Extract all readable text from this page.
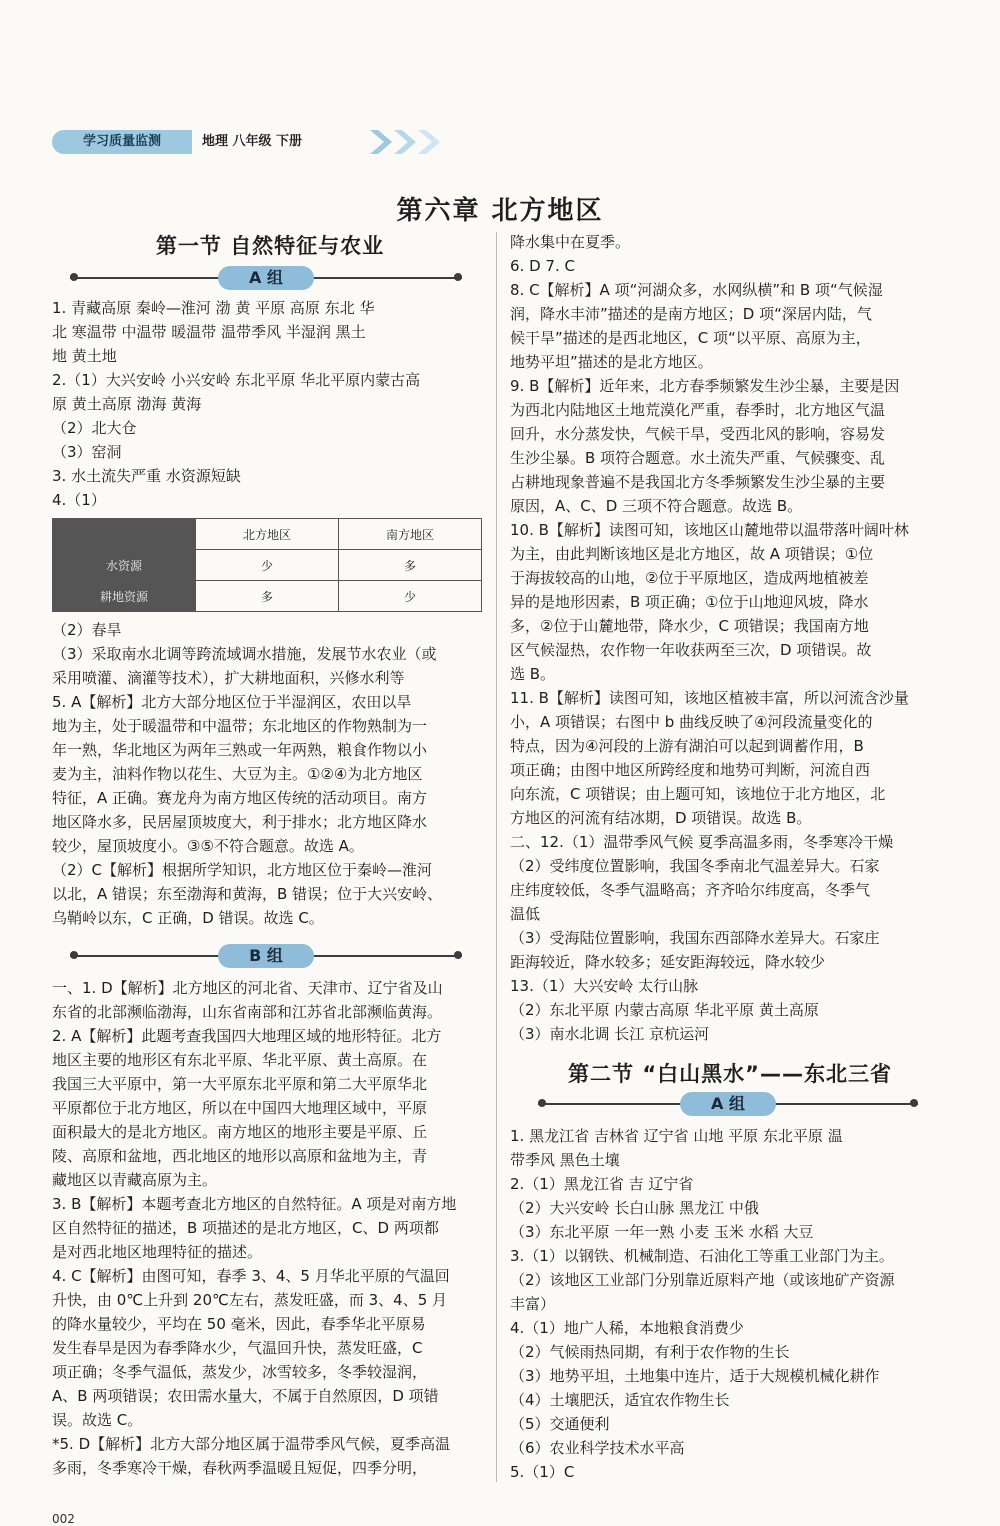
学习质量监测	地理 八年级 下册
第六章 北方地区
第一节 自然特征与农业
A 组
1. 青藏高原 秦岭—淮河 渤 黄 平原 高原 东北 华
北 寒温带 中温带 暖温带 温带季风 半湿润 黑土
地 黄土地
2.（1）大兴安岭 小兴安岭 东北平原 华北平原内蒙古高
原 黄土高原 渤海 黄海
（2）北大仓
（3）窑洞
3. 水土流失严重 水资源短缺
4.（1）
	北方地区	南方地区
水资源	少	多
耕地资源	多	少
（2）春旱
（3）采取南水北调等跨流域调水措施，发展节水农业（或
采用喷灌、滴灌等技术），扩大耕地面积，兴修水利等
5. A【解析】北方大部分地区位于半湿润区，农田以旱
地为主，处于暖温带和中温带；东北地区的作物熟制为一
年一熟，华北地区为两年三熟或一年两熟，粮食作物以小
麦为主，油料作物以花生、大豆为主。①②④为北方地区
特征，A 正确。赛龙舟为南方地区传统的活动项目。南方
地区降水多，民居屋顶坡度大，利于排水；北方地区降水
较少，屋顶坡度小。③⑤不符合题意。故选 A。
（2）C【解析】根据所学知识，北方地区位于秦岭—淮河
以北，A 错误；东至渤海和黄海，B 错误；位于大兴安岭、
乌鞘岭以东，C 正确，D 错误。故选 C。
B 组
一、1. D【解析】北方地区的河北省、天津市、辽宁省及山
东省的北部濒临渤海，山东省南部和江苏省北部濒临黄海。
2. A【解析】此题考查我国四大地理区域的地形特征。北方
地区主要的地形区有东北平原、华北平原、黄土高原。在
我国三大平原中，第一大平原东北平原和第二大平原华北
平原都位于北方地区，所以在中国四大地理区域中，平原
面积最大的是北方地区。南方地区的地形主要是平原、丘
陵、高原和盆地，西北地区的地形以高原和盆地为主，青
藏地区以青藏高原为主。
3. B【解析】本题考查北方地区的自然特征。A 项是对南方地
区自然特征的描述，B 项描述的是北方地区，C、D 两项都
是对西北地区地理特征的描述。
4. C【解析】由图可知，春季 3、4、5 月华北平原的气温回
升快，由 0℃上升到 20℃左右，蒸发旺盛，而 3、4、5 月
的降水量较少，平均在 50 毫米，因此，春季华北平原易
发生春旱是因为春季降水少，气温回升快，蒸发旺盛，C
项正确；冬季气温低，蒸发少，冰雪较多，冬季较湿润，
A、B 两项错误；农田需水量大，不属于自然原因，D 项错
误。故选 C。
*5. D【解析】北方大部分地区属于温带季风气候，夏季高温
多雨，冬季寒冷干燥，春秋两季温暖且短促，四季分明，
降水集中在夏季。
6. D 7. C
8. C【解析】A 项“河湖众多，水网纵横”和 B 项“气候湿
润，降水丰沛”描述的是南方地区；D 项“深居内陆，气
候干旱”描述的是西北地区，C 项“以平原、高原为主，
地势平坦”描述的是北方地区。
9. B【解析】近年来，北方春季频繁发生沙尘暴，主要是因
为西北内陆地区土地荒漠化严重，春季时，北方地区气温
回升，水分蒸发快，气候干旱，受西北风的影响，容易发
生沙尘暴。B 项符合题意。水土流失严重、气候骤变、乱
占耕地现象普遍不是我国北方冬季频繁发生沙尘暴的主要
原因，A、C、D 三项不符合题意。故选 B。
10. B【解析】读图可知，该地区山麓地带以温带落叶阔叶林
为主，由此判断该地区是北方地区，故 A 项错误；①位
于海拔较高的山地，②位于平原地区，造成两地植被差
异的是地形因素，B 项正确；①位于山地迎风坡，降水
多，②位于山麓地带，降水少，C 项错误；我国南方地
区气候湿热，农作物一年收获两至三次，D 项错误。故
选 B。
11. B【解析】读图可知，该地区植被丰富，所以河流含沙量
小，A 项错误；右图中 b 曲线反映了④河段流量变化的
特点，因为④河段的上游有湖泊可以起到调蓄作用，B
项正确；由图中地区所跨经度和地势可判断，河流自西
向东流，C 项错误；由上题可知，该地位于北方地区，北
方地区的河流有结冰期，D 项错误。故选 B。
二、12.（1）温带季风气候 夏季高温多雨，冬季寒冷干燥
（2）受纬度位置影响，我国冬季南北气温差异大。石家
庄纬度较低，冬季气温略高；齐齐哈尔纬度高，冬季气
温低
（3）受海陆位置影响，我国东西部降水差异大。石家庄
距海较近，降水较多；延安距海较远，降水较少
13.（1）大兴安岭 太行山脉
（2）东北平原 内蒙古高原 华北平原 黄土高原
（3）南水北调 长江 京杭运河
第二节 “白山黑水”——东北三省
A 组
1. 黑龙江省 吉林省 辽宁省 山地 平原 东北平原 温
带季风 黑色土壤
2.（1）黑龙江省 吉 辽宁省
（2）大兴安岭 长白山脉 黑龙江 中俄
（3）东北平原 一年一熟 小麦 玉米 水稻 大豆
3.（1）以钢铁、机械制造、石油化工等重工业部门为主。
（2）该地区工业部门分别靠近原料产地（或该地矿产资源
丰富）
4.（1）地广人稀，本地粮食消费少
（2）气候雨热同期，有利于农作物的生长
（3）地势平坦，土地集中连片，适于大规模机械化耕作
（4）土壤肥沃，适宜农作物生长
（5）交通便利
（6）农业科学技术水平高
5.（1）C
002
